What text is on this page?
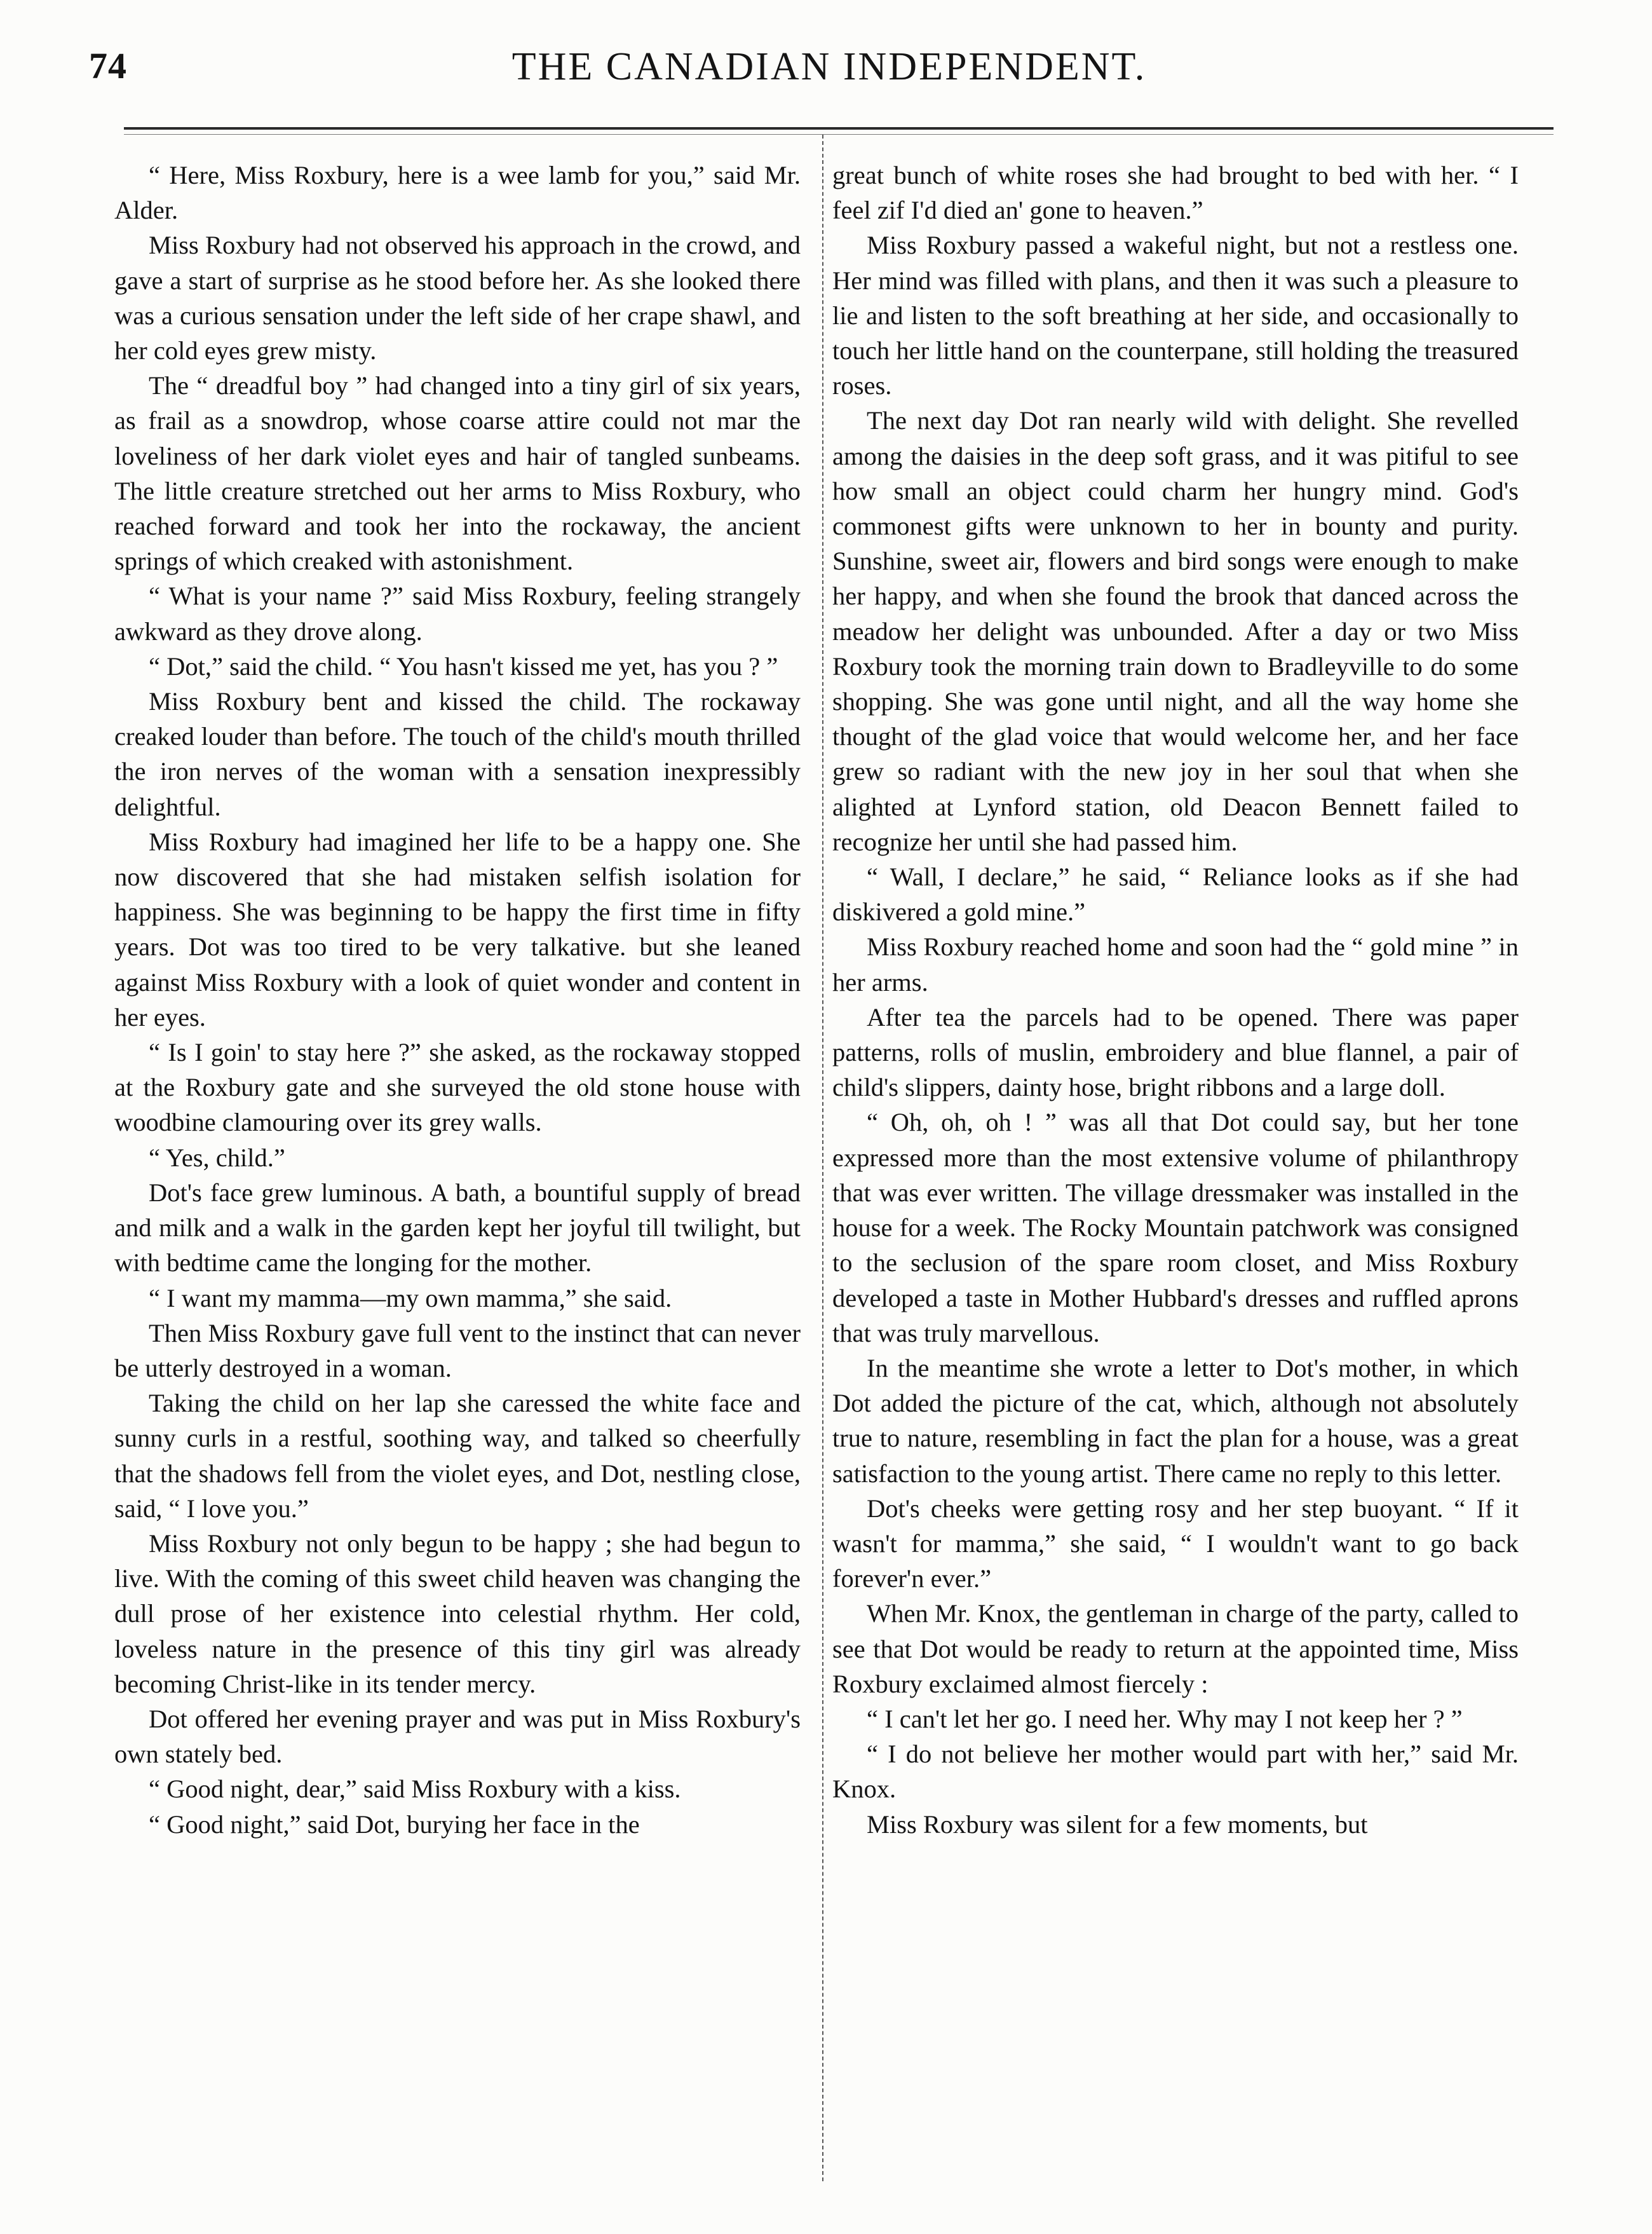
74	THE CANADIAN INDEPENDENT.

“ Here, Miss Roxbury, here is a wee lamb for you,” said Mr. Alder.

Miss Roxbury had not observed his approach in the crowd, and gave a start of surprise as he stood before her. As she looked there was a curious sensation under the left side of her crape shawl, and her cold eyes grew misty.

The “ dreadful boy ” had changed into a tiny girl of six years, as frail as a snowdrop, whose coarse attire could not mar the loveliness of her dark violet eyes and hair of tangled sunbeams. The little creature stretched out her arms to Miss Roxbury, who reached forward and took her into the rockaway, the ancient springs of which creaked with astonishment.

“ What is your name ?” said Miss Roxbury, feeling strangely awkward as they drove along.

“ Dot,” said the child. “ You hasn't kissed me yet, has you ? ”

Miss Roxbury bent and kissed the child. The rockaway creaked louder than before. The touch of the child's mouth thrilled the iron nerves of the woman with a sensation inexpressibly delightful.

Miss Roxbury had imagined her life to be a happy one. She now discovered that she had mistaken selfish isolation for happiness. She was beginning to be happy the first time in fifty years. Dot was too tired to be very talkative. but she leaned against Miss Roxbury with a look of quiet wonder and content in her eyes.

“ Is I goin' to stay here ?” she asked, as the rockaway stopped at the Roxbury gate and she surveyed the old stone house with woodbine clamouring over its grey walls.

“ Yes, child.”

Dot's face grew luminous. A bath, a bountiful supply of bread and milk and a walk in the garden kept her joyful till twilight, but with bedtime came the longing for the mother.

“ I want my mamma—my own mamma,” she said.

Then Miss Roxbury gave full vent to the instinct that can never be utterly destroyed in a woman.

Taking the child on her lap she caressed the white face and sunny curls in a restful, soothing way, and talked so cheerfully that the shadows fell from the violet eyes, and Dot, nestling close, said, “ I love you.”

Miss Roxbury not only begun to be happy ; she had begun to live. With the coming of this sweet child heaven was changing the dull prose of her existence into celestial rhythm. Her cold, loveless nature in the presence of this tiny girl was already becoming Christ-like in its tender mercy.

Dot offered her evening prayer and was put in Miss Roxbury's own stately bed.

“ Good night, dear,” said Miss Roxbury with a kiss.

“ Good night,” said Dot, burying her face in the

great bunch of white roses she had brought to bed with her. “ I feel zif I'd died an' gone to heaven.”

Miss Roxbury passed a wakeful night, but not a restless one. Her mind was filled with plans, and then it was such a pleasure to lie and listen to the soft breathing at her side, and occasionally to touch her little hand on the counterpane, still holding the treasured roses.

The next day Dot ran nearly wild with delight. She revelled among the daisies in the deep soft grass, and it was pitiful to see how small an object could charm her hungry mind. God's commonest gifts were unknown to her in bounty and purity. Sunshine, sweet air, flowers and bird songs were enough to make her happy, and when she found the brook that danced across the meadow her delight was unbounded. After a day or two Miss Roxbury took the morning train down to Bradleyville to do some shopping. She was gone until night, and all the way home she thought of the glad voice that would welcome her, and her face grew so radiant with the new joy in her soul that when she alighted at Lynford station, old Deacon Bennett failed to recognize her until she had passed him.

“ Wall, I declare,” he said, “ Reliance looks as if she had diskivered a gold mine.”

Miss Roxbury reached home and soon had the “ gold mine ” in her arms.

After tea the parcels had to be opened. There was paper patterns, rolls of muslin, embroidery and blue flannel, a pair of child's slippers, dainty hose, bright ribbons and a large doll.

“ Oh, oh, oh ! ” was all that Dot could say, but her tone expressed more than the most extensive volume of philanthropy that was ever written. The village dressmaker was installed in the house for a week. The Rocky Mountain patchwork was consigned to the seclusion of the spare room closet, and Miss Roxbury developed a taste in Mother Hubbard's dresses and ruffled aprons that was truly marvellous.

In the meantime she wrote a letter to Dot's mother, in which Dot added the picture of the cat, which, although not absolutely true to nature, resembling in fact the plan for a house, was a great satisfaction to the young artist. There came no reply to this letter.

Dot's cheeks were getting rosy and her step buoyant. “ If it wasn't for mamma,” she said, “ I wouldn't want to go back forever'n ever.”

When Mr. Knox, the gentleman in charge of the party, called to see that Dot would be ready to return at the appointed time, Miss Roxbury exclaimed almost fiercely :

“ I can't let her go. I need her. Why may I not keep her ? ”

“ I do not believe her mother would part with her,” said Mr. Knox.

Miss Roxbury was silent for a few moments, but
